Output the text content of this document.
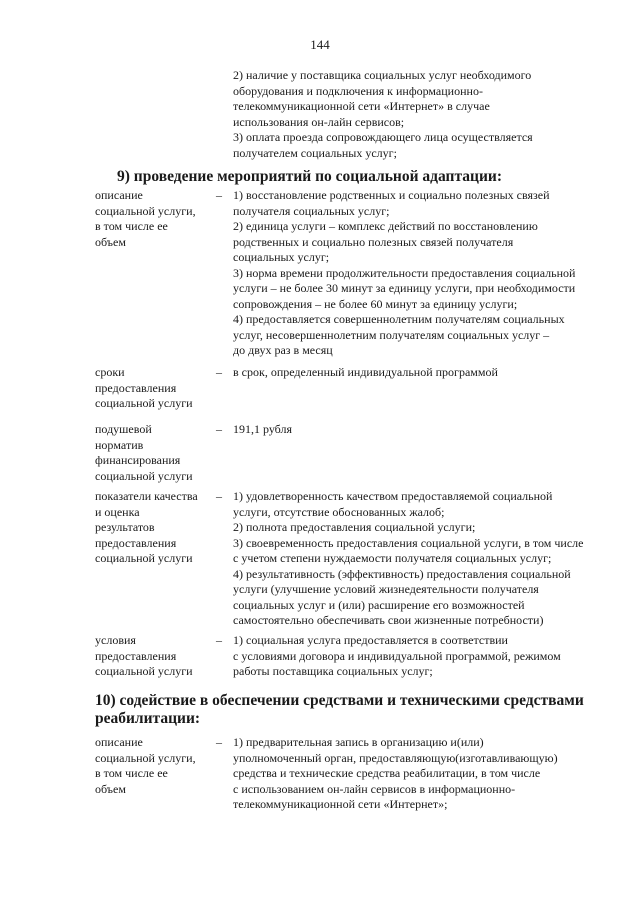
144

2) наличие у поставщика социальных услуг необходимого
оборудования и подключения к информационно-
телекоммуникационной сети «Интернет» в случае
использования он-лайн сервисов;

3) оплата проезда сопровождающего лица осуществляется
получателем социальных услуг;

9) проведение мероприятий по социальной адаптации:
описание
социальной услуги,
в том числе ее
объем
– 1) восстановление родственных и социально полезных связей
получателя социальных услуг;
2) единица услуги – комплекс действий по восстановлению
родственных и социально полезных связей получателя
социальных услуг;
3) норма времени продолжительности предоставления социальной
услуги – не более 30 минут за единицу услуги, при необходимости
сопровождения – не более 60 минут за единицу услуги;
4) предоставляется совершеннолетним получателям социальных
услуг, несовершеннолетним получателям социальных услуг –
до двух раз в месяц
сроки
предоставления
социальной услуги
– в срок, определенный индивидуальной программой
подушевой
ноpматив
финансирования
социальной услуги
– 191,1 рубля
показатели качества
и оценка
результатов
предоставления
социальной услуги
– 1) удовлетворенность качеством предоставляемой социальной
услуги, отсутствие обоснованных жалоб;
2) полнота предоставления социальной услуги;
3) своевременность предоставления социальной услуги, в том числе
с учетом степени нуждаемости получателя социальных услуг;
4) результативность (эффективность) предоставления социальной
услуги (улучшение условий жизнедеятельности получателя
социальных услуг и (или) расширение его возможностей
самостоятельно обеспечивать свои жизненные потребности)
условия
предоставления
социальной услуги
– 1) социальная услуга предоставляется в соответствии
с условиями договора и индивидуальной программой, режимом
работы поставщика социальных услуг;
10) содействие в обеспечении средствами и техническими средствами
реабилитации:
описание
социальной услуги,
в том числе ее
объем
– 1) предварительная запись в организацию и(или)
уполномоченный орган, предоставляющую(изготавливающую)
средства и технические средства реабилитации, в том числе
с использованием он-лайн сервисов в информационно-
телекоммуникационной сети «Интернет»;
